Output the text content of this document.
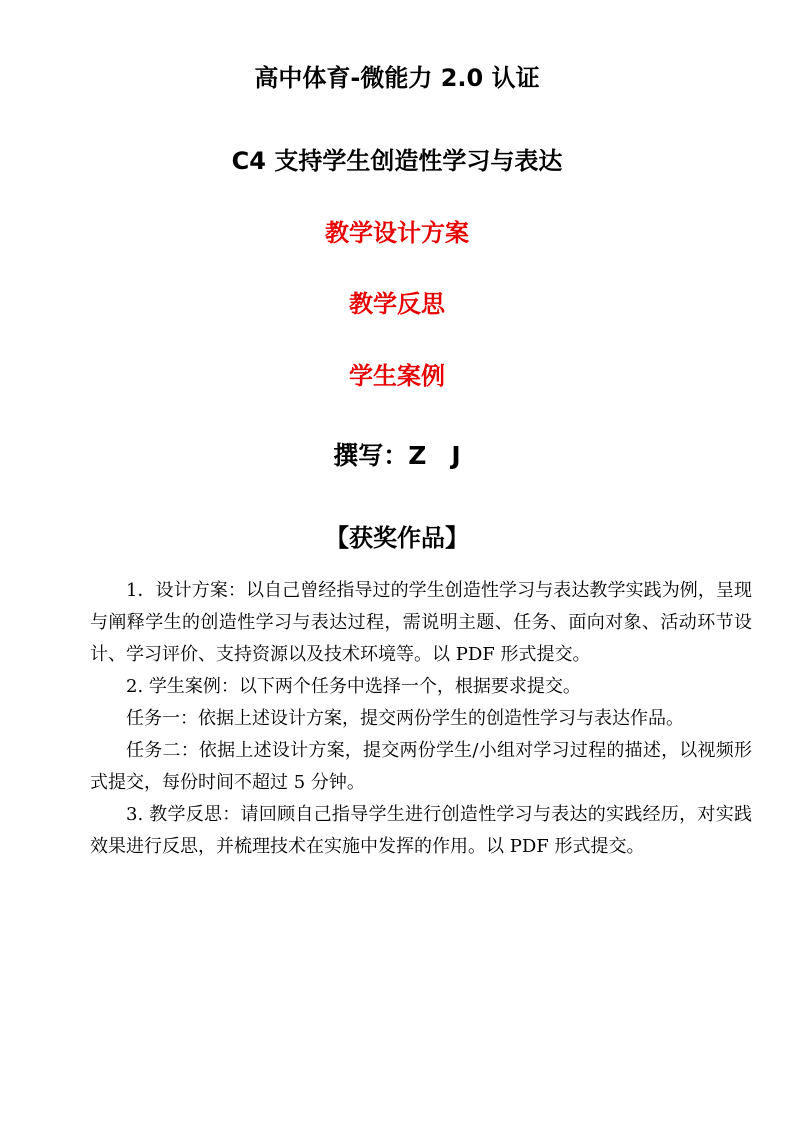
高中体育-微能力 2.0 认证
C4 支持学生创造性学习与表达
教学设计方案
教学反思
学生案例
撰写：Z　J
【获奖作品】

1．设计方案：以自己曾经指导过的学生创造性学习与表达教学实践为例，呈现与阐释学生的创造性学习与表达过程，需说明主题、任务、面向对象、活动环节设计、学习评价、支持资源以及技术环境等。以 PDF 形式提交。

2. 学生案例：以下两个任务中选择一个，根据要求提交。

任务一：依据上述设计方案，提交两份学生的创造性学习与表达作品。

任务二：依据上述设计方案，提交两份学生/小组对学习过程的描述，以视频形式提交，每份时间不超过 5 分钟。

3. 教学反思：请回顾自己指导学生进行创造性学习与表达的实践经历，对实践效果进行反思，并梳理技术在实施中发挥的作用。以 PDF 形式提交。
